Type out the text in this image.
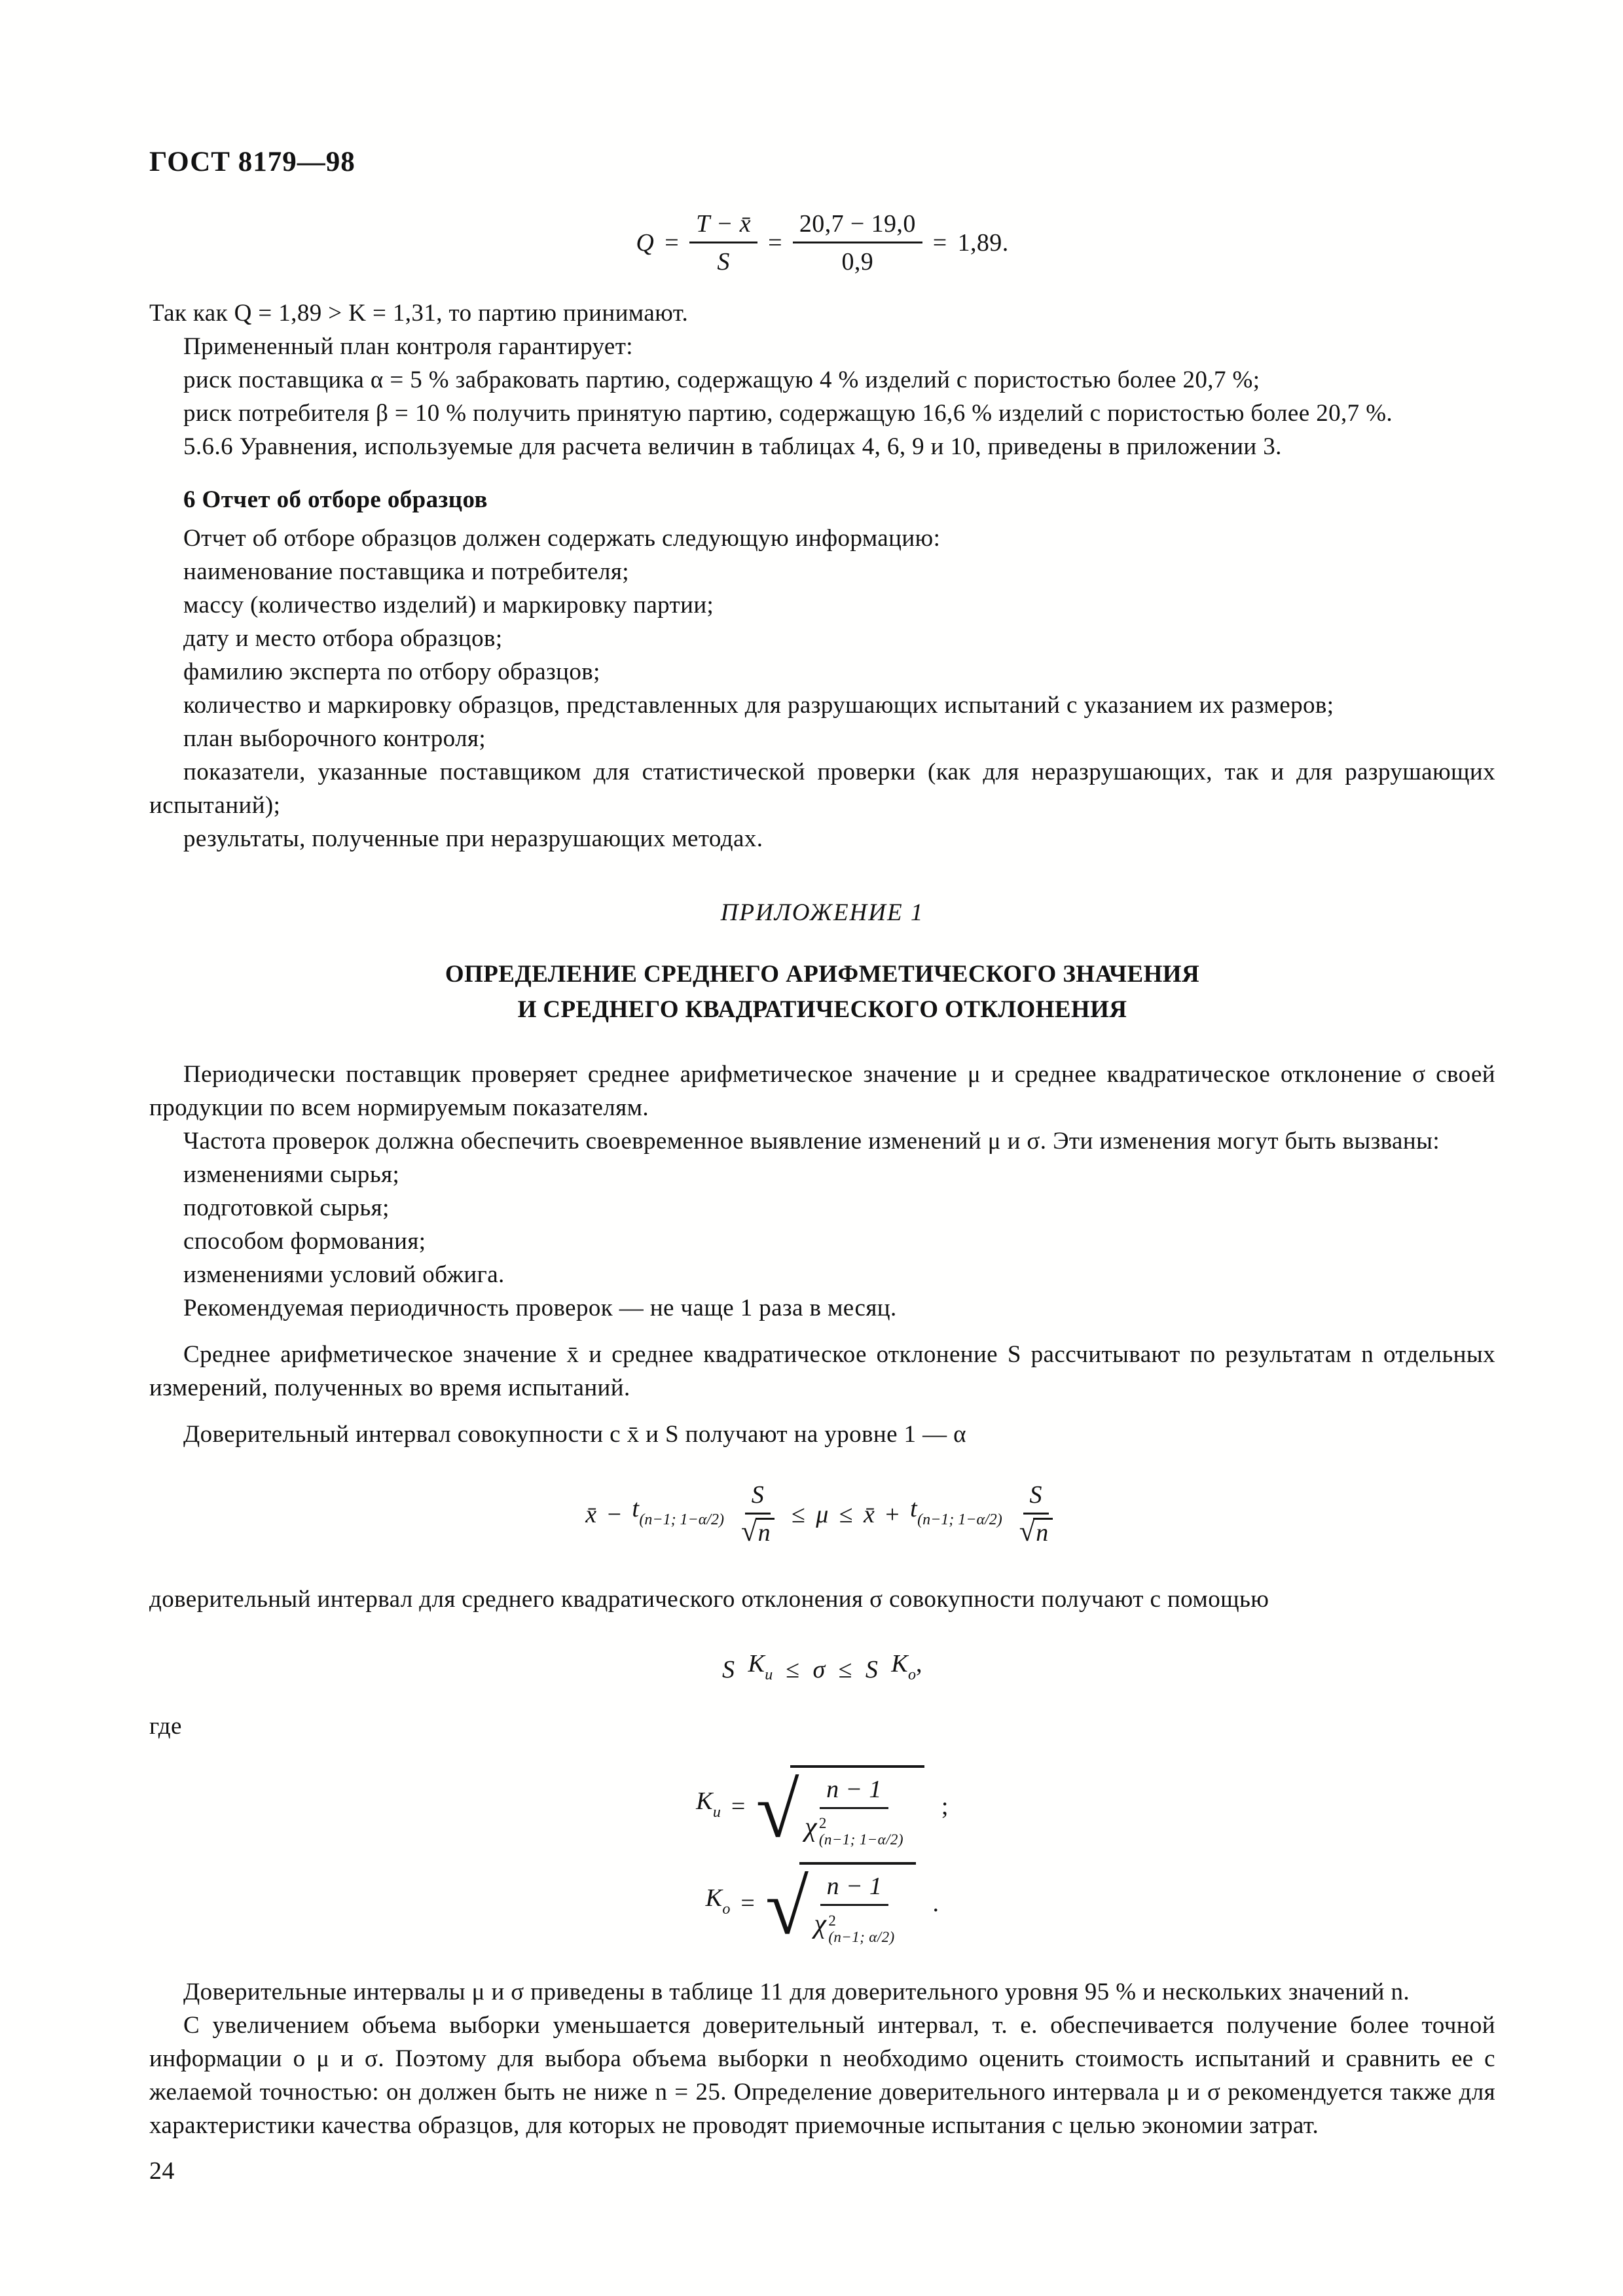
ГОСТ 8179—98
$Q = \frac{T - x̄}{S} = \frac{20,7 - 19,0}{0,9} = 1,89$.

Так как Q = 1,89 > K = 1,31, то партию принимают.

Примененный план контроля гарантирует:

риск поставщика α = 5 % забраковать партию, содержащую 4 % изделий с пористостью более 20,7 %;

риск потребителя β = 10 % получить принятую партию, содержащую 16,6 % изделий с пористостью более 20,7 %.

5.6.6 Уравнения, используемые для расчета величин в таблицах 4, 6, 9 и 10, приведены в приложении 3.

6 Отчет об отборе образцов

Отчет об отборе образцов должен содержать следующую информацию:

наименование поставщика и потребителя;

массу (количество изделий) и маркировку партии;

дату и место отбора образцов;

фамилию эксперта по отбору образцов;

количество и маркировку образцов, представленных для разрушающих испытаний с указанием их размеров;

план выборочного контроля;

показатели, указанные поставщиком для статистической проверки (как для неразрушающих, так и для разрушающих испытаний);

результаты, полученные при неразрушающих методах.

ПРИЛОЖЕНИЕ 1
ОПРЕДЕЛЕНИЕ СРЕДНЕГО АРИФМЕТИЧЕСКОГО ЗНАЧЕНИЯ
И СРЕДНЕГО КВАДРАТИЧЕСКОГО ОТКЛОНЕНИЯ

Периодически поставщик проверяет среднее арифметическое значение μ и среднее квадратическое отклонение σ своей продукции по всем нормируемым показателям.

Частота проверок должна обеспечить своевременное выявление изменений μ и σ. Эти изменения могут быть вызваны:

изменениями сырья;

подготовкой сырья;

способом формования;

изменениями условий обжига.

Рекомендуемая периодичность проверок — не чаще 1 раза в месяц.

Среднее арифметическое значение x̄ и среднее квадратическое отклонение S рассчитывают по результатам n отдельных измерений, полученных во время испытаний.

Доверительный интервал совокупности с x̄ и S получают на уровне 1 — α

x̄ − $t_{(n-1; 1-\alpha/2)} \frac{S}{√ n} \le \mu$ ≤ x̄ + $t_{(n-1; 1-\alpha/2)} \frac{S}{√ n}$

доверительный интервал для среднего квадратического отклонения σ совокупности получают с помощью

S $K_u \le \sigma \le S$ $K_o$,

где

$K_u$ = √
n − 1
χ 2
(n−1; 1−α/2) ;
$K_o$ = √
n − 1
χ 2
(n−1; α/2) .

Доверительные интервалы μ и σ приведены в таблице 11 для доверительного уровня 95 % и нескольких значений n.

С увеличением объема выборки уменьшается доверительный интервал, т. е. обеспечивается получение более точной информации о μ и σ. Поэтому для выбора объема выборки n необходимо оценить стоимость испытаний и сравнить ее с желаемой точностью: он должен быть не ниже n = 25. Определение доверительного интервала μ и σ рекомендуется также для характеристики качества образцов, для которых не проводят приемочные испытания с целью экономии затрат.

24
